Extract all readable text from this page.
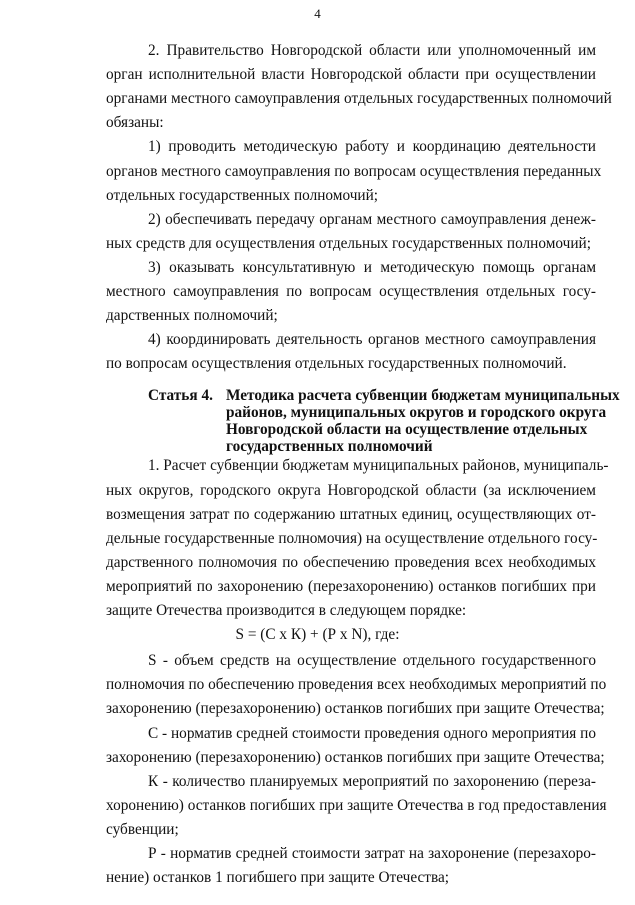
4
2. Правительство Новгородской области или уполномоченный им
орган исполнительной власти Новгородской области при осуществлении
органами местного самоуправления отдельных государственных полномочий
обязаны:
1) проводить методическую работу и координацию деятельности
органов местного самоуправления по вопросам осуществления переданных
отдельных государственных полномочий;
2) обеспечивать передачу органам местного самоуправления денеж-
ных средств для осуществления отдельных государственных полномочий;
3) оказывать консультативную и методическую помощь органам
местного самоуправления по вопросам осуществления отдельных госу-
дарственных полномочий;
4) координировать деятельность органов местного самоуправления
по вопросам осуществления отдельных государственных полномочий.
Статья 4. Методика расчета субвенции бюджетам муниципальных
районов, муниципальных округов и городского округа
Новгородской области на осуществление отдельных
государственных полномочий
1. Расчет субвенции бюджетам муниципальных районов, муниципаль-
ных округов, городского округа Новгородской области (за исключением
возмещения затрат по содержанию штатных единиц, осуществляющих от-
дельные государственные полномочия) на осуществление отдельного госу-
дарственного полномочия по обеспечению проведения всех необходимых
мероприятий по захоронению (перезахоронению) останков погибших при
защите Отечества производится в следующем порядке:
S = (С х К) + (Р х N), где:
S - объем средств на осуществление отдельного государственного
полномочия по обеспечению проведения всех необходимых мероприятий по
захоронению (перезахоронению) останков погибших при защите Отечества;
С - норматив средней стоимости проведения одного мероприятия по
захоронению (перезахоронению) останков погибших при защите Отечества;
К - количество планируемых мероприятий по захоронению (переза-
хоронению) останков погибших при защите Отечества в год предоставления
субвенции;
Р - норматив средней стоимости затрат на захоронение (перезахоро-
нение) останков 1 погибшего при защите Отечества;
